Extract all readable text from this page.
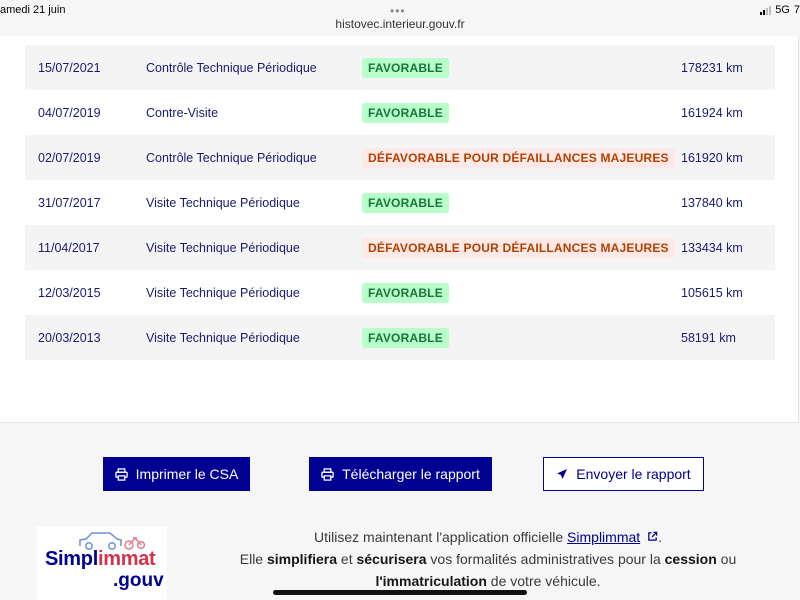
amedi 21 juin	•••	5G 7
histovec.interieur.gouv.fr
15/07/2021	Contrôle Technique Périodique	FAVORABLE	178231 km
04/07/2019	Contre-Visite	FAVORABLE	161924 km
02/07/2019	Contrôle Technique Périodique	DÉFAVORABLE POUR DÉFAILLANCES MAJEURES 161920 km
31/07/2017	Visite Technique Périodique	FAVORABLE	137840 km
11/04/2017	Visite Technique Périodique	DÉFAVORABLE POUR DÉFAILLANCES MAJEURES 133434 km
12/03/2015	Visite Technique Périodique	FAVORABLE	105615 km
20/03/2013	Visite Technique Périodique	FAVORABLE	58191 km
Imprimer le CSA	Télécharger le rapport	Envoyer le rapport
Simplimmat
.gouv
Utilisez maintenant l'application officielle Simplimmat .
Elle simplifiera et sécurisera vos formalités administratives pour la cession ou
l'immatriculation de votre véhicule.
